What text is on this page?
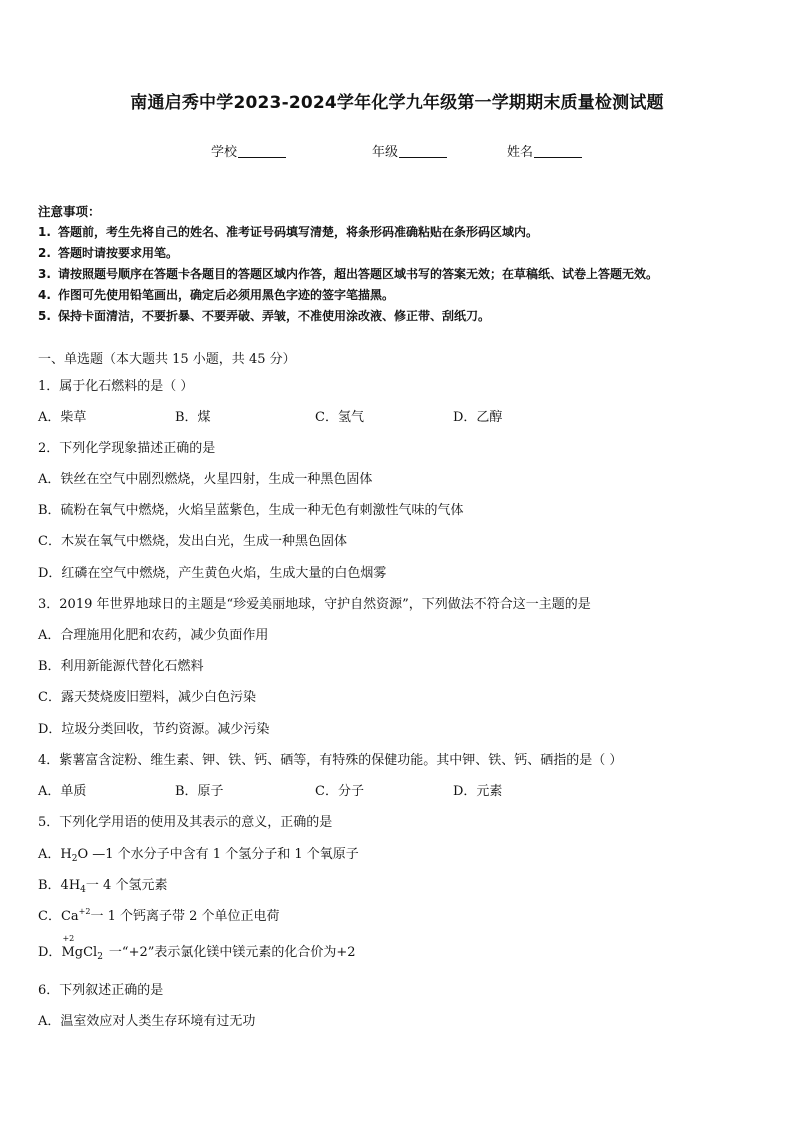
南通启秀中学2023-2024学年化学九年级第一学期期末质量检测试题
学校	年级	姓名
注意事项：
1. 答题前，考生先将自己的姓名、准考证号码填写清楚，将条形码准确粘贴在条形码区域内。
2. 答题时请按要求用笔。
3. 请按照题号顺序在答题卡各题目的答题区域内作答，超出答题区域书写的答案无效；在草稿纸、试卷上答题无效。
4. 作图可先使用铅笔画出，确定后必须用黑色字迹的签字笔描黑。
5. 保持卡面清洁，不要折暴、不要弄破、弄皱，不准使用涂改液、修正带、刮纸刀。
一、单选题（本大题共 15 小题，共 45 分）
1．属于化石燃料的是（ ）
A．柴草	B．煤	C．氢气	D．乙醇
2．下列化学现象描述正确的是
A．铁丝在空气中剧烈燃烧，火星四射，生成一种黑色固体
B．硫粉在氧气中燃烧，火焰呈蓝紫色，生成一种无色有刺激性气味的气体
C．木炭在氧气中燃烧，发出白光，生成一种黑色固体
D．红磷在空气中燃烧，产生黄色火焰，生成大量的白色烟雾
3．2019 年世界地球日的主题是“珍爱美丽地球，守护自然资源”，下列做法不符合这一主题的是
A．合理施用化肥和农药，减少负面作用
B．利用新能源代替化石燃料
C．露天焚烧废旧塑料，减少白色污染
D．垃圾分类回收，节约资源。减少污染
4．紫薯富含淀粉、维生素、钾、铁、钙、硒等，有特殊的保健功能。其中钾、铁、钙、硒指的是（ ）
A．单质	B．原子	C．分子	D．元素
5．下列化学用语的使用及其表示的意义，正确的是
A．$H_2O$ —1 个水分子中含有 1 个氢分子和 1 个氧原子
B．$4H_4$一 4 个氢元素
C．$Ca^{+2}$一 1 个钙离子带 2 个单位正电荷
D．
+2
MgCl$_2$ 一“+2”表示氯化镁中镁元素的化合价为+2
6．下列叙述正确的是
A．温室效应对人类生存环境有过无功
